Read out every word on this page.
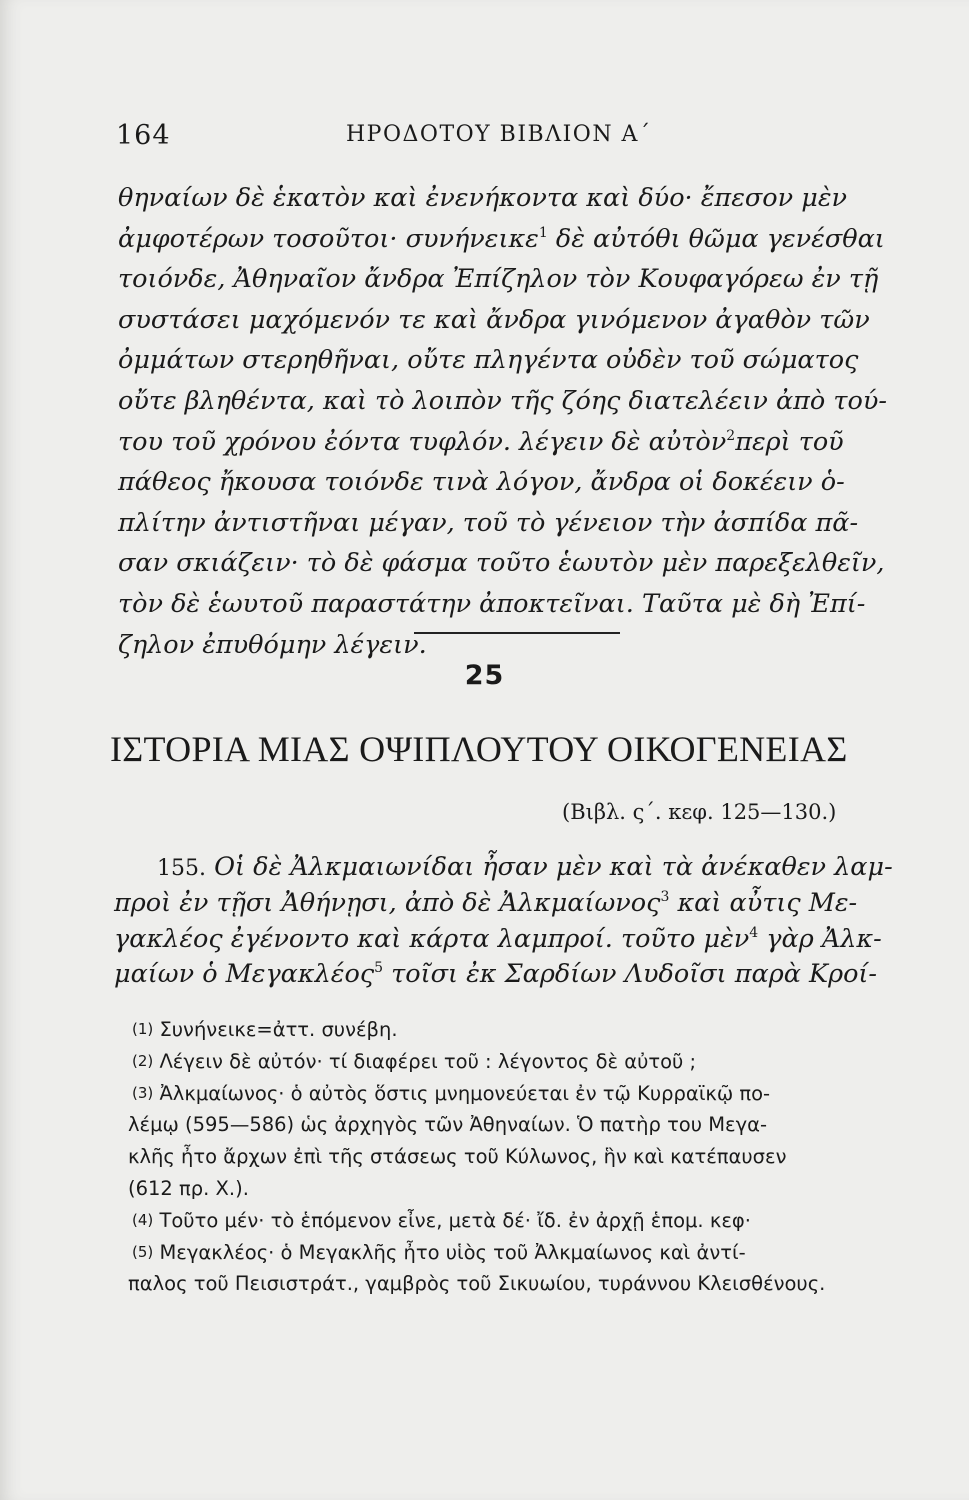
164	ΗΡΟΔΟΤΟΥ ΒΙΒΛΙΟΝ Α΄
θηναίων δὲ ἑκατὸν καὶ ἐνενήκοντα καὶ δύο· ἔπεσον μὲν
ἀμφοτέρων τοσοῦτοι· συνήνεικε$^1$ δὲ αὐτόθι θῶμα γενέσθαι
τοιόνδε, Ἀθηναῖον ἄνδρα Ἐπίζηλον τὸν Κουφαγόρεω ἐν τῇ
συστάσει μαχόμενόν τε καὶ ἄνδρα γινόμενον ἀγαθὸν τῶν
ὀμμάτων στερηθῆναι, οὔτε πληγέντα οὐδὲν τοῦ σώματος
οὔτε βληθέντα, καὶ τὸ λοιπὸν τῆς ζόης διατελέειν ἀπὸ τού-
του τοῦ χρόνου ἐόντα τυφλόν. λέγειν δὲ αὐτὸν$^2$περὶ τοῦ
πάθεος ἤκουσα τοιόνδε τινὰ λόγον, ἄνδρα οἱ δοκέειν ὁ-
πλίτην ἀντιστῆναι μέγαν, τοῦ τὸ γένειον τὴν ἀσπίδα πᾶ-
σαν σκιάζειν· τὸ δὲ φάσμα τοῦτο ἑωυτὸν μὲν παρεξελθεῖν,
τὸν δὲ ἑωυτοῦ παραστάτην ἀποκτεῖναι. Ταῦτα μὲ δὴ Ἐπί-
ζηλον ἐπυθόμην λέγειν.
25
ΙΣΤΟΡΙΑ ΜΙΑΣ ΟΨΙΠΛΟΥΤΟΥ ΟΙΚΟΓΕΝΕΙΑΣ
(Βιβλ. ς΄. κεφ. 125—130.)
155. Οἱ δὲ Ἀλκμαιωνίδαι ἦσαν μὲν καὶ τὰ ἀνέκαθεν λαμ-
προὶ ἐν τῇσι Ἀθήνῃσι, ἀπὸ δὲ Ἀλκμαίωνος$^3$ καὶ αὖτις Με-
γακλέος ἐγένοντο καὶ κάρτα λαμπροί. τοῦτο μὲν$^4$ γὰρ Ἀλκ-
μαίων ὁ Μεγακλέος$^5$ τοῖσι ἐκ Σαρδίων Λυδοῖσι παρὰ Κροί-
(1) Συνήνεικε=ἀττ. συνέβη.
(2) Λέγειν δὲ αὐτόν· τί διαφέρει τοῦ : λέγοντος δὲ αὐτοῦ ;
(3) Ἀλκμαίωνος· ὁ αὐτὸς ὅστις μνημονεύεται ἐν τῷ Κυρραϊκῷ πο-
λέμῳ (595—586) ὡς ἀρχηγὸς τῶν Ἀθηναίων. Ὁ πατὴρ του Μεγα-
κλῆς ἦτο ἄρχων ἐπὶ τῆς στάσεως τοῦ Κύλωνος, ἣν καὶ κατέπαυσεν
(612 πρ. Χ.).
(4) Τοῦτο μέν· τὸ ἑπόμενον εἶνε, μετὰ δέ· ἴδ. ἐν ἀρχῇ ἑπομ. κεφ·
(5) Μεγακλέος· ὁ Μεγακλῆς ἦτο υἱὸς τοῦ Ἀλκμαίωνος καὶ ἀντί-
παλος τοῦ Πεισιστράτ., γαμβρὸς τοῦ Σικυωίου, τυράννου Κλεισθένους.
